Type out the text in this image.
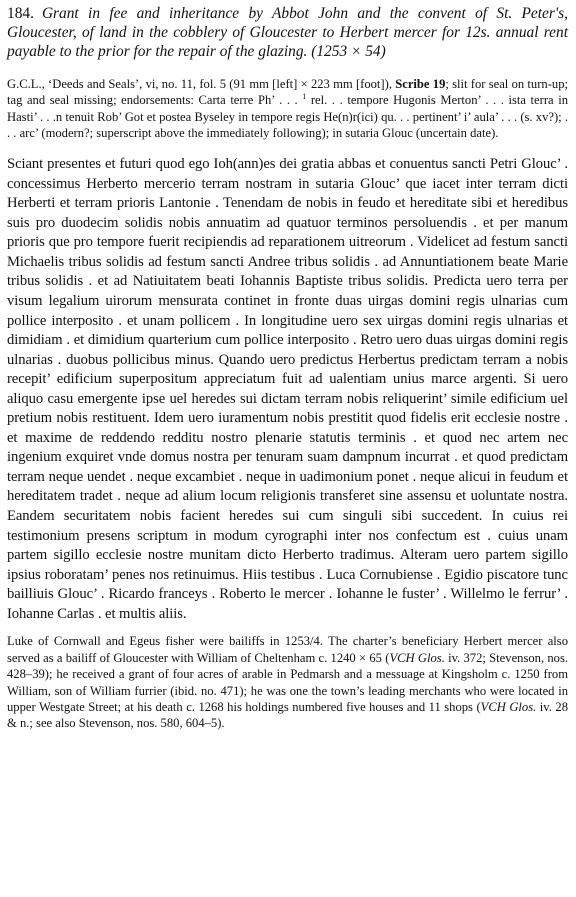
184. Grant in fee and inheritance by Abbot John and the convent of St. Peter's, Gloucester, of land in the cobblery of Gloucester to Herbert mercer for 12s. annual rent payable to the prior for the repair of the glazing. (1253 × 54)

G.C.L., ‘Deeds and Seals’, vi, no. 11, fol. 5 (91 mm [left] × 223 mm [foot]), Scribe 19; slit for seal on turn-up; tag and seal missing; endorsements: Carta terre Ph’ . . . $^1$ rel. . . tempore Hugonis Merton’ . . . ista terra in Hasti’ . . .n tenuit Rob’ Got et postea Byseley in tempore regis He(n)r(ici) qu. . . pertinent’ i’ aula’ . . . (s. xv?); . . . arc’ (modern?; superscript above the immediately following); in sutaria Glouc (uncertain date).
Sciant presentes et futuri quod ego Ioh(ann)es dei gratia abbas et conuentus sancti Petri Glouc’ . concessimus Herberto mercerio terram nostram in sutaria Glouc’ que iacet inter terram dicti Herberti et terram prioris Lantonie . Tenendam de nobis in feudo et hereditate sibi et heredibus suis pro duodecim solidis nobis annuatim ad quatuor terminos persoluendis . et per manum prioris que pro tempore fuerit recipiendis ad reparationem uitreorum . Videlicet ad festum sancti Michaelis tribus solidis ad festum sancti Andree tribus solidis . ad Annuntiationem beate Marie tribus solidis . et ad Natiuitatem beati Iohannis Baptiste tribus solidis. Predicta uero terra per visum legalium uirorum mensurata continet in fronte duas uirgas domini regis ulnarias cum pollice interposito . et unam pollicem . In longitudine uero sex uirgas domini regis ulnarias et dimidiam . et dimidium quarterium cum pollice interposito . Retro uero duas uirgas domini regis ulnarias . duobus pollicibus minus. Quando uero predictus Herbertus predictam terram a nobis recepit’ edificium superpositum appreciatum fuit ad ualentiam unius marce argenti. Si uero aliquo casu emergente ipse uel heredes sui dictam terram nobis reliquerint’ simile edificium uel pretium nobis restituent. Idem uero iuramentum nobis prestitit quod fidelis erit ecclesie nostre . et maxime de reddendo redditu nostro plenarie statutis terminis . et quod nec artem nec ingenium exquiret vnde domus nostra per tenuram suam dampnum incurrat . et quod predictam terram neque uendet . neque excambiet . neque in uadimonium ponet . neque alicui in feudum et hereditatem tradet . neque ad alium locum religionis transferet sine assensu et uoluntate nostra. Eandem securitatem nobis facient heredes sui cum singuli sibi succedent. In cuius rei testimonium presens scriptum in modum cyrographi inter nos confectum est . cuius unam partem sigillo ecclesie nostre munitam dicto Herberto tradimus. Alteram uero partem sigillo ipsius roboratam’ penes nos retinuimus. Hiis testibus . Luca Cornubiense . Egidio piscatore tunc bailliuis Glouc’ . Ricardo franceys . Roberto le mercer . Iohanne le fuster’ . Willelmo le ferrur’ . Iohanne Carlas . et multis aliis.
Luke of Cornwall and Egeus fisher were bailiffs in 1253/4. The charter’s beneficiary Herbert mercer also served as a bailiff of Gloucester with William of Cheltenham c. 1240 × 65 (VCH Glos. iv. 372; Stevenson, nos. 428–39); he received a grant of four acres of arable in Pedmarsh and a messuage at Kingsholm c. 1250 from William, son of William furrier (ibid. no. 471); he was one the town’s leading merchants who were located in upper Westgate Street; at his death c. 1268 his holdings numbered five houses and 11 shops (VCH Glos. iv. 28 & n.; see also Stevenson, nos. 580, 604–5).
